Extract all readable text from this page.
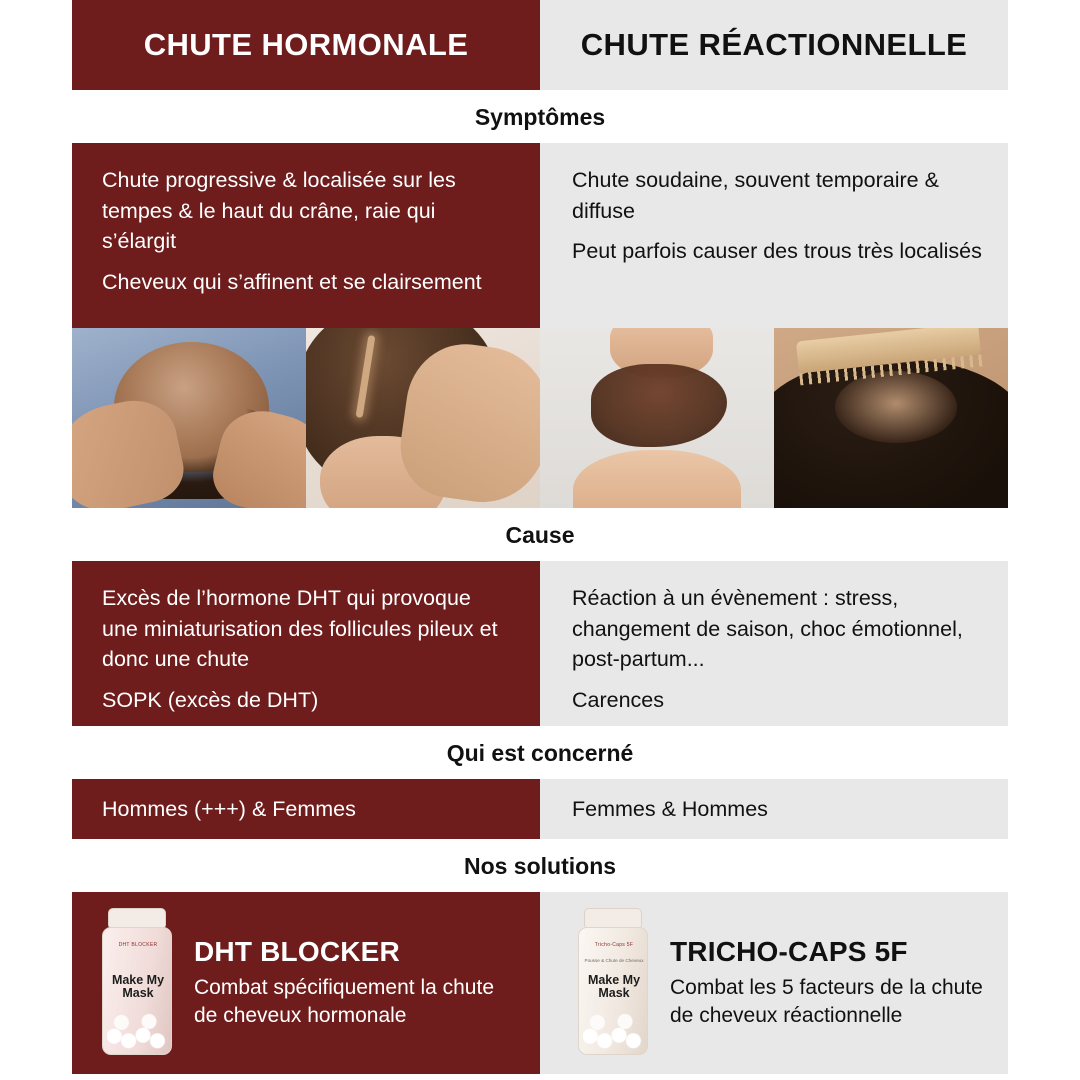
CHUTE HORMONALE	CHUTE RÉACTIONNELLE
Symptômes

Chute progressive & localisée sur les tempes & le haut du crâne, raie qui s’élargit

Cheveux qui s’affinent et se clairsement

Chute soudaine, souvent temporaire & diffuse

Peut parfois causer des trous très localisés

Cause

Excès de l’hormone DHT qui provoque une miniaturisation des follicules pileux et donc une chute

SOPK (excès de DHT)

Réaction à un évènement : stress, changement de saison, choc émotionnel, post-partum...

Carences

Qui est concerné

Hommes (+++) & Femmes	Femmes & Hommes

Nos solutions
DHT BLOCKER
Make My Mask
DHT BLOCKER
Combat spécifiquement la chute de cheveux hormonale
Tricho-Caps 5F
Pousse & Chute de Cheveux
Make My Mask
TRICHO-CAPS 5F
Combat les 5 facteurs de la chute de cheveux réactionnelle
